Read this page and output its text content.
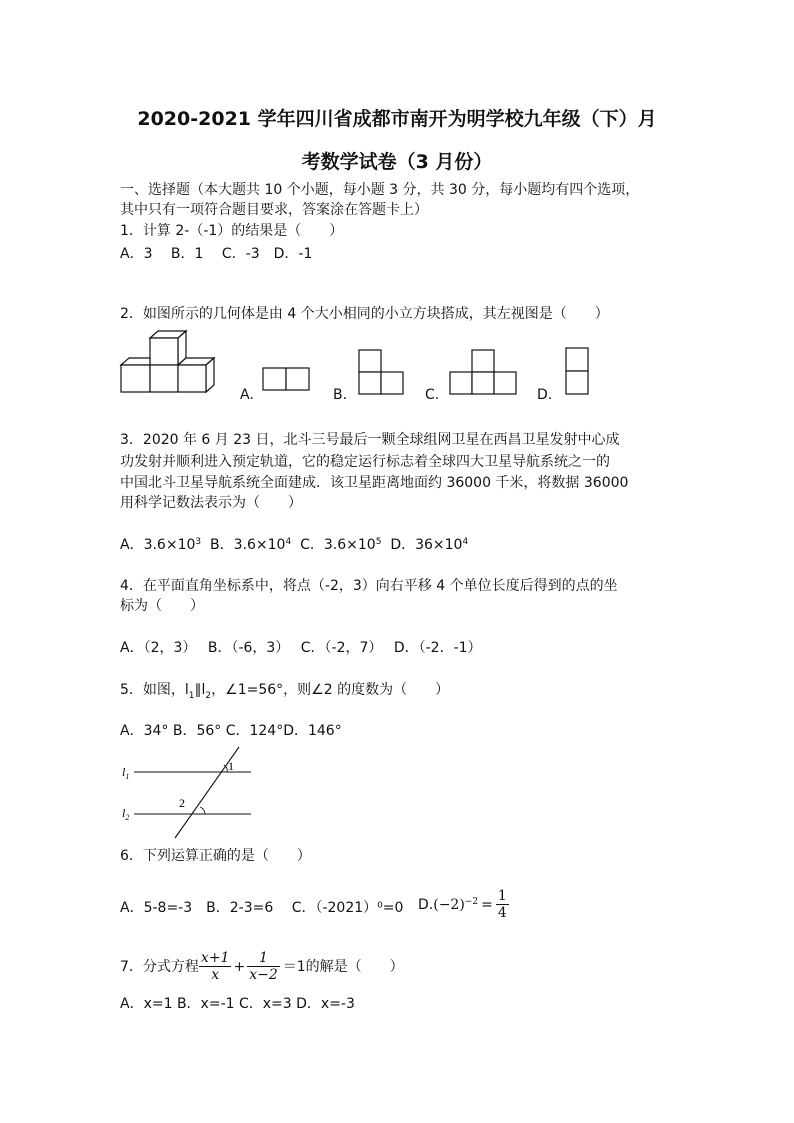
2020-2021 学年四川省成都市南开为明学校九年级（下）月
考数学试卷（3 月份）
一、选择题（本大题共 10 个小题，每小题 3 分，共 30 分，每小题均有四个选项，
其中只有一项符合题目要求，答案涂在答题卡上）
1．计算 2-（-1）的结果是（　　）
A．3　 B．1　 C．-3　D．-1
2．如图所示的几何体是由 4 个大小相同的小立方块搭成，其左视图是（　　）
A.	B.	C.	D.
3．2020 年 6 月 23 日，北斗三号最后一颗全球组网卫星在西昌卫星发射中心成
功发射并顺利进入预定轨道，它的稳定运行标志着全球四大卫星导航系统之一的
中国北斗卫星导航系统全面建成．该卫星距离地面约 36000 千米，将数据 36000
用科学记数法表示为（　　）
A．$3.6\times 10^3$ B．$3.6\times 10^4$ C．$3.6\times 10^5$ D．$36\times 10^4$
4．在平面直角坐标系中，将点（-2，3）向右平移 4 个单位长度后得到的点的坐
标为（　　）
A．（2，3）　 B．（-6，3）　 C．（-2，7）　 D．（-2．-1）
5．如图，$l_1\parallel l_2$，∠1=56°，则∠2 的度数为（　　）
A．34° B．56° C．124°D．146°
$l_1$
$l_2$
1
2
6．下列运算正确的是（　　）
A．5-8=-3　B．2-3=6　 C．（-2021）⁰=0 $D.(-2)^{-2} = \frac{1}{4}$
7．分式方程 $\frac{x+1}{x} + \frac{1}{x-2} =1$的解是（　　）
A．x=1 B．x=-1 C．x=3 D．x=-3
